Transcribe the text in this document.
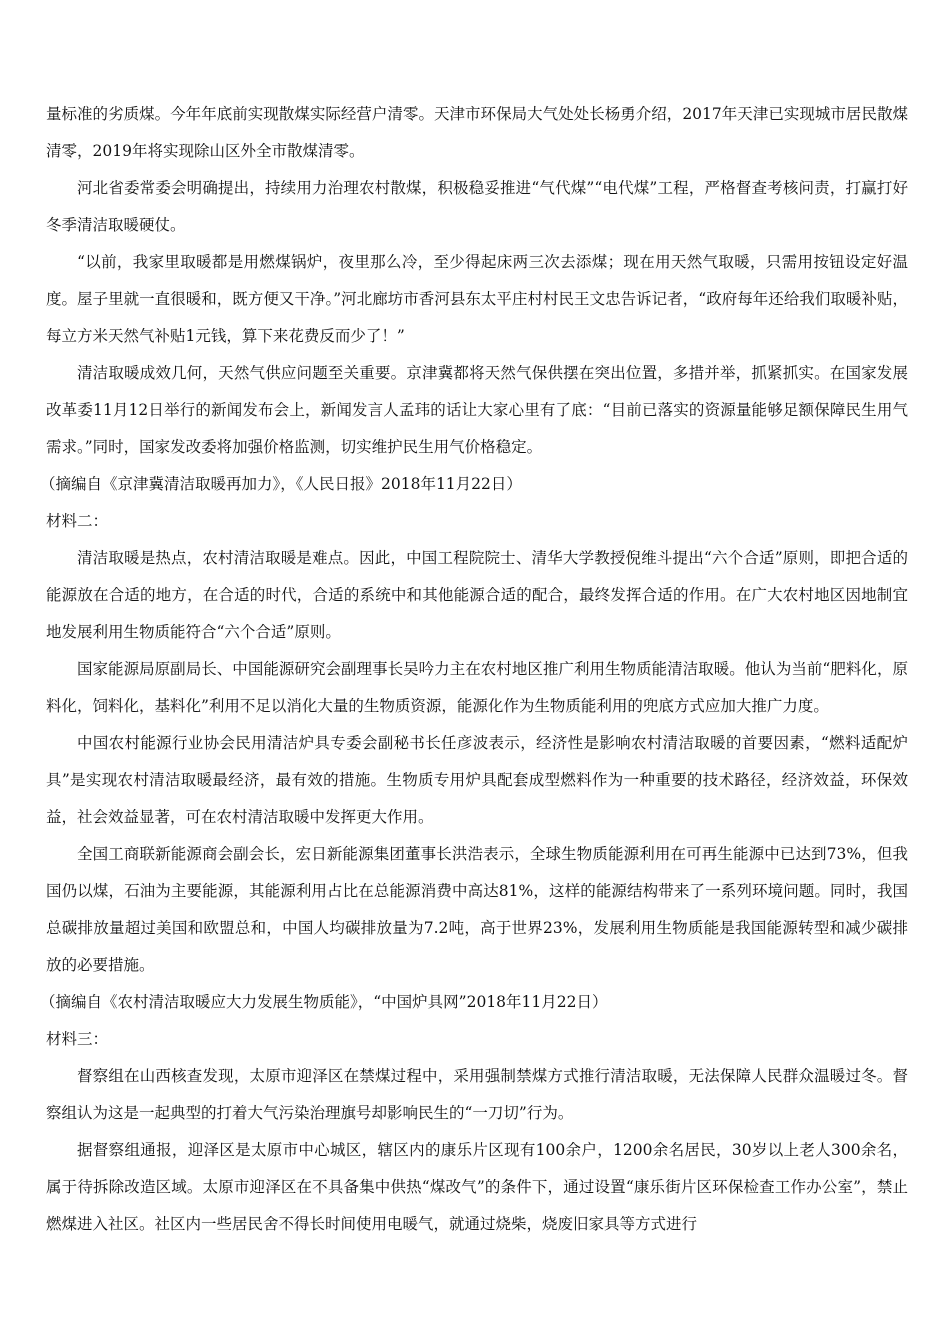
量标准的劣质煤。今年年底前实现散煤实际经营户清零。天津市环保局大气处处长杨勇介绍，2017年天津已实现城市居民散煤清零，2019年将实现除山区外全市散煤清零。

河北省委常委会明确提出，持续用力治理农村散煤，积极稳妥推进“气代煤”“电代煤”工程，严格督查考核问责，打赢打好冬季清洁取暖硬仗。

“以前，我家里取暖都是用燃煤锅炉，夜里那么冷，至少得起床两三次去添煤；现在用天然气取暖，只需用按钮设定好温度。屋子里就一直很暖和，既方便又干净。”河北廊坊市香河县东太平庄村村民王文忠告诉记者，“政府每年还给我们取暖补贴，每立方米天然气补贴1元钱，算下来花费反而少了！”

清洁取暖成效几何，天然气供应问题至关重要。京津冀都将天然气保供摆在突出位置，多措并举，抓紧抓实。在国家发展改革委11月12日举行的新闻发布会上，新闻发言人孟玮的话让大家心里有了底：“目前已落实的资源量能够足额保障民生用气需求。”同时，国家发改委将加强价格监测，切实维护民生用气价格稳定。

（摘编自《京津冀清洁取暖再加力》，《人民日报》2018年11月22日）

材料二：

清洁取暖是热点，农村清洁取暖是难点。因此，中国工程院院士、清华大学教授倪维斗提出“六个合适”原则，即把合适的能源放在合适的地方，在合适的时代，合适的系统中和其他能源合适的配合，最终发挥合适的作用。在广大农村地区因地制宜地发展利用生物质能符合“六个合适”原则。

国家能源局原副局长、中国能源研究会副理事长吴吟力主在农村地区推广利用生物质能清洁取暖。他认为当前“肥料化，原料化，饲料化，基料化”利用不足以消化大量的生物质资源，能源化作为生物质能利用的兜底方式应加大推广力度。

中国农村能源行业协会民用清洁炉具专委会副秘书长任彦波表示，经济性是影响农村清洁取暖的首要因素，“燃料适配炉具”是实现农村清洁取暖最经济，最有效的措施。生物质专用炉具配套成型燃料作为一种重要的技术路径，经济效益，环保效益，社会效益显著，可在农村清洁取暖中发挥更大作用。

全国工商联新能源商会副会长，宏日新能源集团董事长洪浩表示，全球生物质能源利用在可再生能源中已达到73%，但我国仍以煤，石油为主要能源，其能源利用占比在总能源消费中高达81%，这样的能源结构带来了一系列环境问题。同时，我国总碳排放量超过美国和欧盟总和，中国人均碳排放量为7.2吨，高于世界23%，发展利用生物质能是我国能源转型和减少碳排放的必要措施。

（摘编自《农村清洁取暖应大力发展生物质能》，“中国炉具网”2018年11月22日）

材料三：

督察组在山西核查发现，太原市迎泽区在禁煤过程中，采用强制禁煤方式推行清洁取暖，无法保障人民群众温暖过冬。督察组认为这是一起典型的打着大气污染治理旗号却影响民生的“一刀切”行为。

据督察组通报，迎泽区是太原市中心城区，辖区内的康乐片区现有100余户，1200余名居民，30岁以上老人300余名，属于待拆除改造区域。太原市迎泽区在不具备集中供热“煤改气”的条件下，通过设置“康乐街片区环保检查工作办公室”，禁止燃煤进入社区。社区内一些居民舍不得长时间使用电暖气，就通过烧柴，烧废旧家具等方式进行
